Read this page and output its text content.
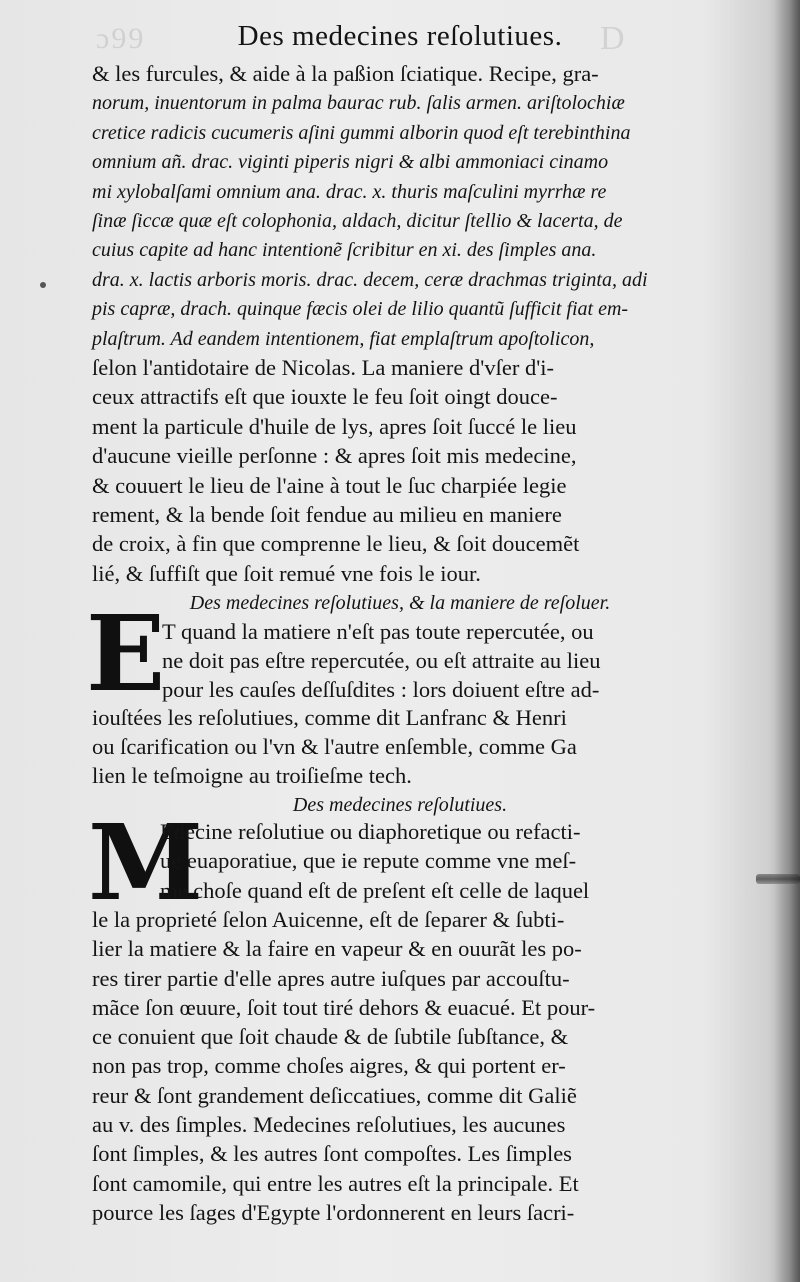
ɔ99	D
Des medecines reſolutiues.
& les furcules, & aide à la paßion ſciatique. Recipe, gra-
norum, inuentorum in palma baurac rub. ſalis armen. ariſtolochiæ
cretice radicis cucumeris aſini gummi alborin quod eſt terebinthina
omnium añ. drac. viginti piperis nigri & albi ammoniaci cinamo
mi xylobalſami omnium ana. drac. x. thuris maſculini myrrhæ re
ſinæ ſiccæ quæ eſt colophonia, aldach, dicitur ſtellio & lacerta, de
cuius capite ad hanc intentionẽ ſcribitur en xi. des ſimples ana.
dra. x. lactis arboris moris. drac. decem, ceræ drachmas triginta, adi
pis capræ, drach. quinque fæcis olei de lilio quantũ ſufficit fiat em-
plaſtrum. Ad eandem intentionem, fiat emplaſtrum apoſtolicon,
ſelon l'antidotaire de Nicolas. La maniere d'vſer d'i-
ceux attractifs eſt que iouxte le feu ſoit oingt douce-
ment la particule d'huile de lys, apres ſoit ſuccé le lieu
d'aucune vieille perſonne : & apres ſoit mis medecine,
& couuert le lieu de l'aine à tout le ſuc charpiée legie
rement, & la bende ſoit fendue au milieu en maniere
de croix, à fin que comprenne le lieu, & ſoit doucemẽt
lié, & ſuffiſt que ſoit remué vne fois le iour.
Des medecines reſolutiues, & la maniere de reſoluer.
E
T quand la matiere n'eſt pas toute repercutée, ou
ne doit pas eſtre repercutée, ou eſt attraite au lieu
pour les cauſes deſſuſdites : lors doiuent eſtre ad-
iouſtées les reſolutiues, comme dit Lanfranc & Henri
ou ſcarification ou l'vn & l'autre enſemble, comme Ga
lien le teſmoigne au troiſieſme tech.
Des medecines reſolutiues.
M
Edecine reſolutiue ou diaphoretique ou refacti-
ue euaporatiue, que ie repute comme vne meſ-
me choſe quand eſt de preſent eſt celle de laquel
le la proprieté ſelon Auicenne, eſt de ſeparer & ſubti-
lier la matiere & la faire en vapeur & en ouurãt les po-
res tirer partie d'elle apres autre iuſques par accouſtu-
mãce ſon œuure, ſoit tout tiré dehors & euacué. Et pour-
ce conuient que ſoit chaude & de ſubtile ſubſtance, &
non pas trop, comme choſes aigres, & qui portent er-
reur & ſont grandement deſiccatiues, comme dit Galiẽ
au v. des ſimples. Medecines reſolutiues, les aucunes
ſont ſimples, & les autres ſont compoſtes. Les ſimples
ſont camomile, qui entre les autres eſt la principale. Et
pource les ſages d'Egypte l'ordonnerent en leurs ſacri-
